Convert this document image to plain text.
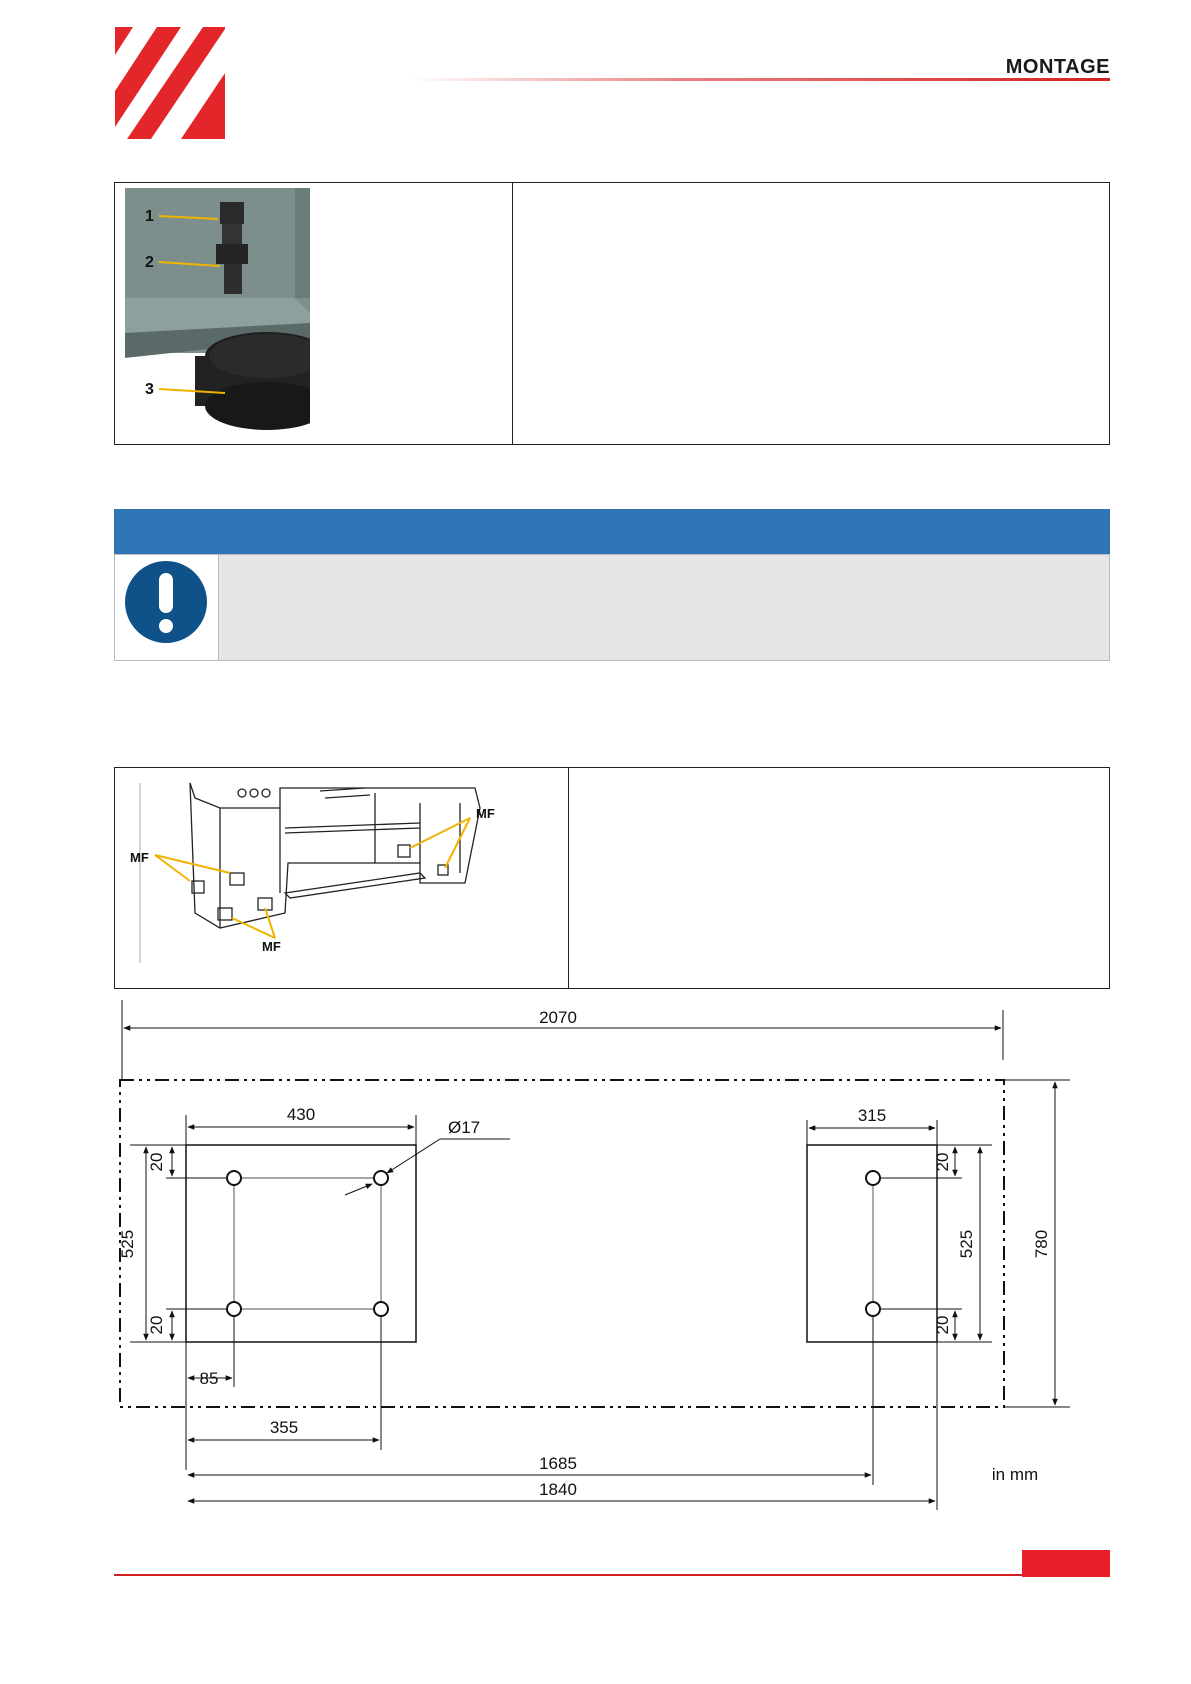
MONTAGE
1
2
3
MF
MF
MF
2070
430	315
Ø17
85
355
1685
1840
in mm
525
20
20
525
20
20
780
